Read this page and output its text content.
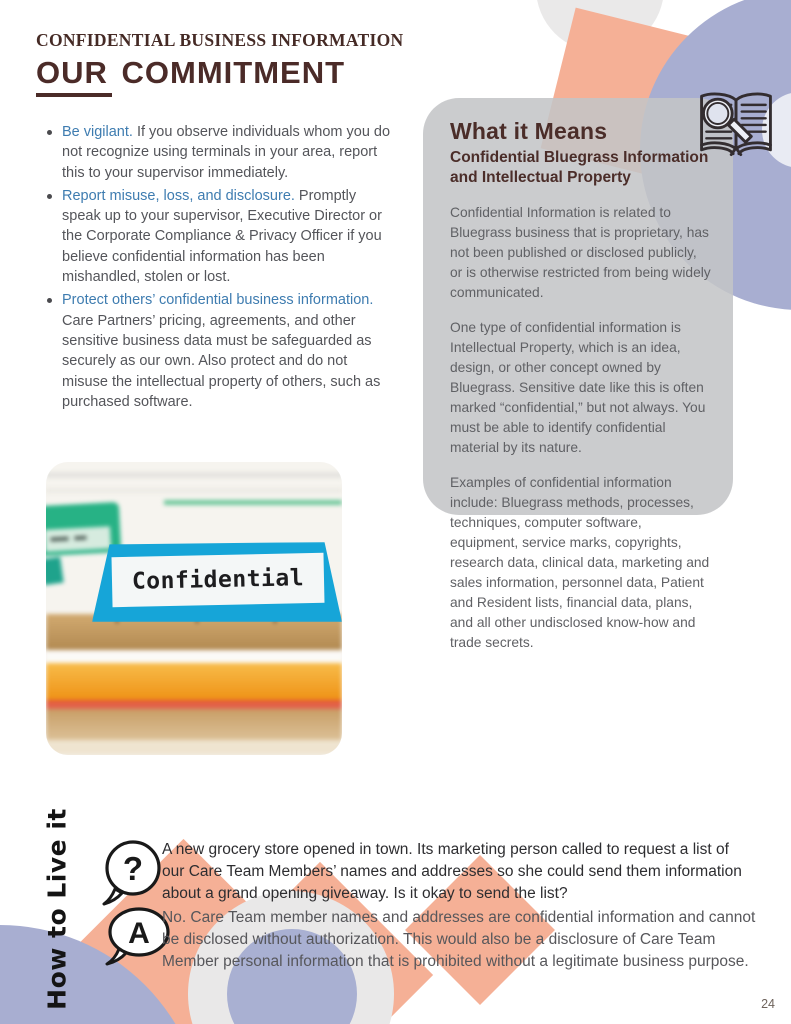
CONFIDENTIAL BUSINESS INFORMATION
OUR COMMITMENT
Be vigilant. If you observe individuals whom you do not recognize using terminals in your area, report this to your supervisor immediately.
Report misuse, loss, and disclosure. Promptly speak up to your supervisor, Executive Director or the Corporate Compliance & Privacy Officer if you believe confidential information has been mishandled, stolen or lost.
Protect others’ confidential business information. Care Partners’ pricing, agreements, and other sensitive business data must be safeguarded as securely as our own. Also protect and do not misuse the intellectual property of others, such as purchased software.
What it Means
Confidential Bluegrass Information and Intellectual Property

Confidential Information is related to Bluegrass business that is proprietary, has not been published or disclosed publicly, or is otherwise restricted from being widely communicated.

One type of confidential information is Intellectual Property, which is an idea, design, or other concept owned by Bluegrass. Sensitive date like this is often marked “confidential,” but not always. You must be able to identify confidential material by its nature.

Examples of confidential information include: Bluegrass methods, processes, techniques, computer software, equipment, service marks, copyrights, research data, clinical data, marketing and sales information, personnel data, Patient and Resident lists, financial data, plans, and all other undisclosed know-how and trade secrets.

Confidential
How to Live it ?
A new grocery store opened in town. Its marketing person called to request a list of our Care Team Members’ names and addresses so she could send them information about a grand opening giveaway. Is it okay to send the list?
A No. Care Team member names and addresses are confidential information and cannot be disclosed without authorization. This would also be a disclosure of Care Team Member personal information that is prohibited without a legitimate business purpose.
24
